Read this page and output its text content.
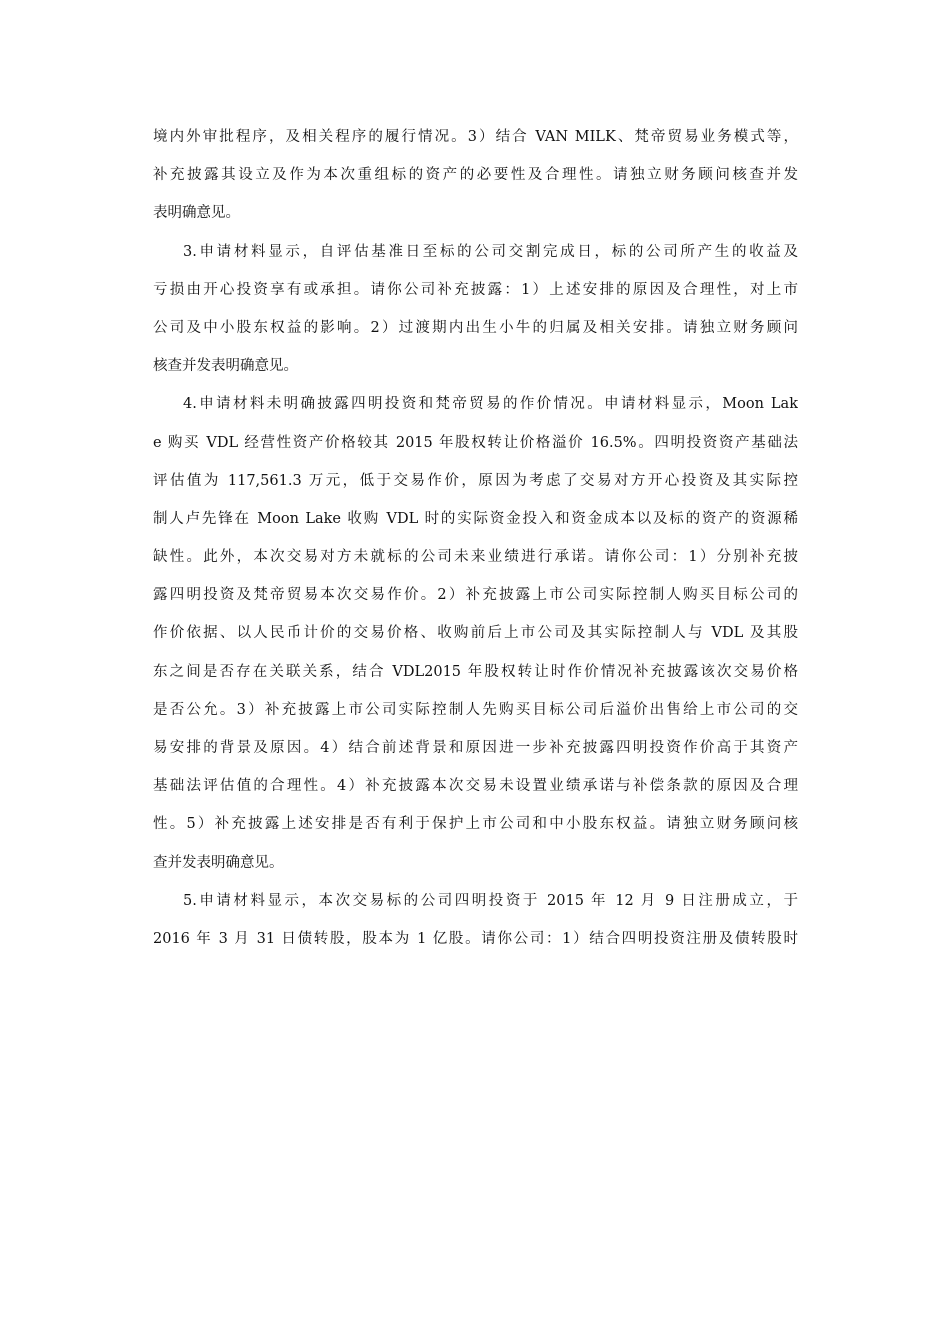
境内外审批程序，及相关程序的履行情况。3）结合 VAN MILK、梵帝贸易业务模式等，
补充披露其设立及作为本次重组标的资产的必要性及合理性。请独立财务顾问核查并发
表明确意见。
3.申请材料显示，自评估基准日至标的公司交割完成日，标的公司所产生的收益及
亏损由开心投资享有或承担。请你公司补充披露：1）上述安排的原因及合理性，对上市
公司及中小股东权益的影响。2）过渡期内出生小牛的归属及相关安排。请独立财务顾问
核查并发表明确意见。
4.申请材料未明确披露四明投资和梵帝贸易的作价情况。申请材料显示，Moon Lak
e 购买 VDL 经营性资产价格较其 2015 年股权转让价格溢价 16.5%。四明投资资产基础法
评估值为 117,561.3 万元，低于交易作价，原因为考虑了交易对方开心投资及其实际控
制人卢先锋在 Moon Lake 收购 VDL 时的实际资金投入和资金成本以及标的资产的资源稀
缺性。此外，本次交易对方未就标的公司未来业绩进行承诺。请你公司：1）分别补充披
露四明投资及梵帝贸易本次交易作价。2）补充披露上市公司实际控制人购买目标公司的
作价依据、以人民币计价的交易价格、收购前后上市公司及其实际控制人与 VDL 及其股
东之间是否存在关联关系，结合 VDL2015 年股权转让时作价情况补充披露该次交易价格
是否公允。3）补充披露上市公司实际控制人先购买目标公司后溢价出售给上市公司的交
易安排的背景及原因。4）结合前述背景和原因进一步补充披露四明投资作价高于其资产
基础法评估值的合理性。4）补充披露本次交易未设置业绩承诺与补偿条款的原因及合理
性。5）补充披露上述安排是否有利于保护上市公司和中小股东权益。请独立财务顾问核
查并发表明确意见。
5.申请材料显示，本次交易标的公司四明投资于 2015 年 12 月 9 日注册成立，于
2016 年 3 月 31 日债转股，股本为 1 亿股。请你公司：1）结合四明投资注册及债转股时
